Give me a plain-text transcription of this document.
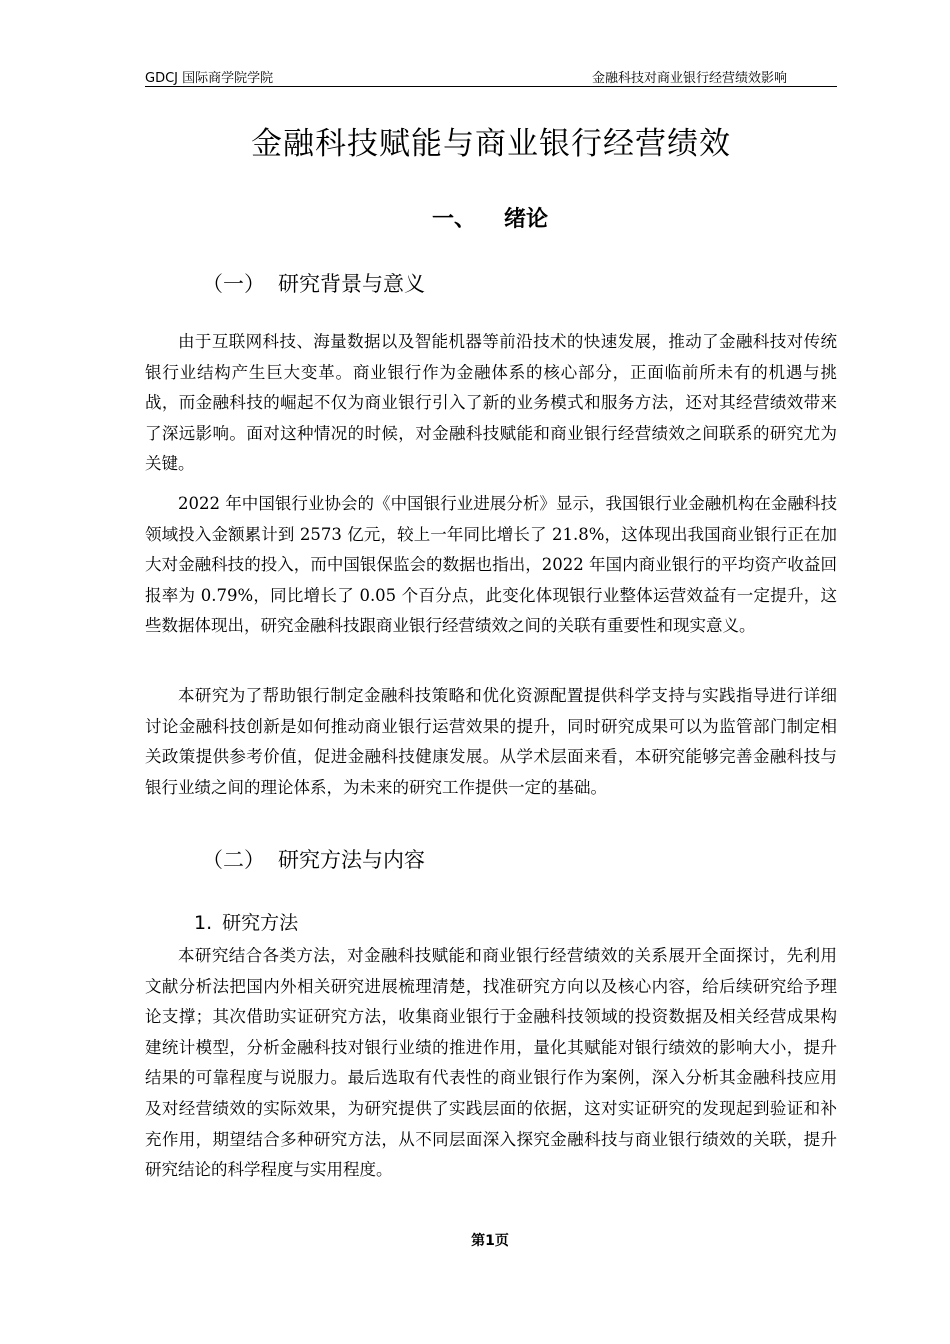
GDCJ 国际商学院学院	金融科技对商业银行经营绩效影响
金融科技赋能与商业银行经营绩效
一、 绪论
（一） 研究背景与意义

由于互联网科技、海量数据以及智能机器等前沿技术的快速发展，推动了金融科技对传统银行业结构产生巨大变革。商业银行作为金融体系的核心部分，正面临前所未有的机遇与挑战，而金融科技的崛起不仅为商业银行引入了新的业务模式和服务方法，还对其经营绩效带来了深远影响。面对这种情况的时候，对金融科技赋能和商业银行经营绩效之间联系的研究尤为关键。

2022 年中国银行业协会的《中国银行业进展分析》显示，我国银行业金融机构在金融科技领域投入金额累计到 2573 亿元，较上一年同比增长了 21.8%，这体现出我国商业银行正在加大对金融科技的投入，而中国银保监会的数据也指出，2022 年国内商业银行的平均资产收益回报率为 0.79%，同比增长了 0.05 个百分点，此变化体现银行业整体运营效益有一定提升，这些数据体现出，研究金融科技跟商业银行经营绩效之间的关联有重要性和现实意义。

本研究为了帮助银行制定金融科技策略和优化资源配置提供科学支持与实践指导进行详细讨论金融科技创新是如何推动商业银行运营效果的提升，同时研究成果可以为监管部门制定相关政策提供参考价值，促进金融科技健康发展。从学术层面来看，本研究能够完善金融科技与银行业绩之间的理论体系，为未来的研究工作提供一定的基础。

（二） 研究方法与内容
1. 研究方法

本研究结合各类方法，对金融科技赋能和商业银行经营绩效的关系展开全面探讨，先利用文献分析法把国内外相关研究进展梳理清楚，找准研究方向以及核心内容，给后续研究给予理论支撑；其次借助实证研究方法，收集商业银行于金融科技领域的投资数据及相关经营成果构建统计模型，分析金融科技对银行业绩的推进作用，量化其赋能对银行绩效的影响大小，提升结果的可靠程度与说服力。最后选取有代表性的商业银行作为案例，深入分析其金融科技应用及对经营绩效的实际效果，为研究提供了实践层面的依据，这对实证研究的发现起到验证和补充作用，期望结合多种研究方法，从不同层面深入探究金融科技与商业银行绩效的关联，提升研究结论的科学程度与实用程度。

第1页
